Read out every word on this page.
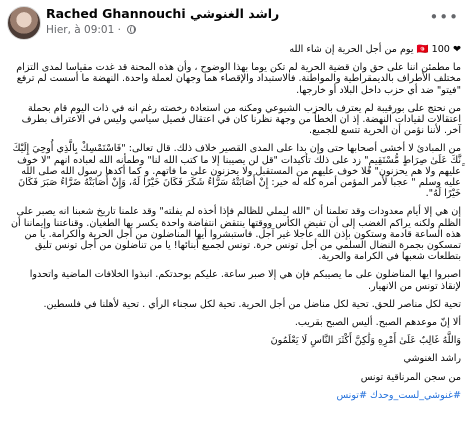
Rached Ghannouchi راشد الغنوشي
Hier, à 09:01 ·
•••

❤ 🇹🇳 100 يوم من أجل الحرية إن شاء الله

ما مطمئن اننا على حق وان قضية الحرية لم تكن يوما بهذا الوضوح ، وأن هذه المحنة قد غدت مقياسا لمدى التزام مختلف الأطراف بالديمقراطية والمواطنة. فالاستبداد والإقصاء هما وجهان لعملة واحدة. النهضة ما أسست لم ترفع "فيتو" ضد أي حزب داخل البلاد أو خارجها.

من نحتج على بورقيبة لم يعترف بالحزب الشيوعي ومكنه من استعادة رخصته رغم انه في ذات اليوم قام بحملة اعتقالات لقيادات النهضة. إذ ان الخطأ من وجهة نظرنا كان في اعتقال فصيل سياسي وليس في الاعتراف بطرف آخر. لأننا نؤمن أن الحرية تتسع للجميع.

من المبادئ لا أخشى أصحابها حتى وإن بدا على المدى القصير خلاف ذلك. قال تعالى: "فَاسْتَمْسِكْ بِالَّذِي أُوحِيَ إِلَيْكَ ِِنَّكَ عَلَىٰ صِرَاطٍ مُّسْتَقِيمٍ" زد على ذلك تأكيدات "قل لن يصيبنا إلا ما كتب الله لنا" وطمأنه الله لعباده انهم "لا خوف عليهم ولا هم يحزنون" فلا خوف عليهم من المستقبل ولا يحزنون على ما فاتهم. و كما أكدها رسول الله صلى الله عليه وسلم " عجبا لأمر المؤمن أمره كله له خير: إِنْ أَصَابَتْهُ سَرَّاءُ شَكَرَ فَكَانَ خَيْرًا لَهُ، وَإِنْ أَصَابَتْهُ ضَرَّاءُ صَبَرَ فَكَانَ خَيْرًا لَهُ".

إن هي إلا أيام معدودات وقد تعلمنا أن "الله ليملي للظالم فإذا أخذه لم يفلته" وقد علمنا تاريخ شعبنا انه يصبر على الظلم ولكنه يراكم الغضب إلى أن تفيض الكأس ووقتها ينتقض انتفاضة واحدة يكسر بها الطغيان. وقناعتنا وإيماننا أن هذه الساعة قادمة وستكون بإذن الله عاجلا غير آجل. فاستبشروا أيها المناضلون من أجل الحرية والكرامة. يا من تمسكون بجمرة النضال السلمي من أجل تونس حرة. تونس لجميع أبنائها! يا من تناضلون من أجل تونس تليق بتطلعات شعبها في الكرامة والحرية.

اصبروا ايها المناضلون على ما يصيبكم فإن هي إلا صبر ساعة. عليكم بوحدتكم. انبذوا الخلافات الماضية واتحدوا لإنقاذ تونس من الانهيار.

تحية لكل مناصر للحق. تحية لكل مناضل من أجل الحرية. تحية لكل سجناء الرأي . تحية لأهلنا في فلسطين.

ألا إنّ موعدهم الصبح. أليس الصبح بقريب.

وَاللَّهُ غَالِبٌ عَلَىٰ أَمْرِهِ وَلَٰكِنَّ أَكْثَرَ النَّاسِ لَا يَعْلَمُونَ

راشد الغنوشي

من سجن المرناقية تونس

#غنوشي_لست_وحدك #تونس
